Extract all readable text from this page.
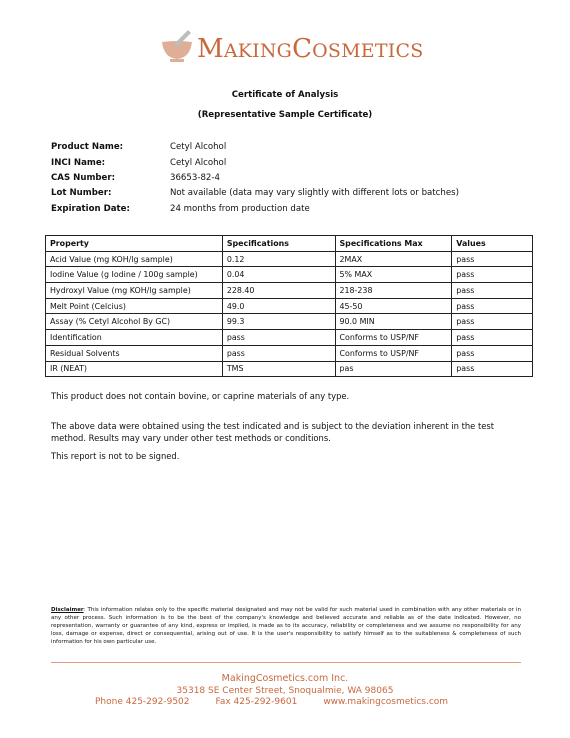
MAKINGCOSMETICS
Certificate of Analysis
(Representative Sample Certificate)
Product Name:	Cetyl Alcohol
INCI Name:	Cetyl Alcohol
CAS Number:	36653-82-4
Lot Number:	Not available (data may vary slightly with different lots or batches)
Expiration Date:	24 months from production date
Property	Specifications	Specifications Max	Values
Acid Value (mg KOH/lg sample)	0.12	2MAX	pass
Iodine Value (g Iodine / 100g sample)	0.04	5% MAX	pass
Hydroxyl Value (mg KOH/lg sample)	228.40	218-238	pass
Melt Point (Celcius)	49.0	45-50	pass
Assay (% Cetyl Alcohol By GC)	99.3	90.0 MIN	pass
Identification	pass	Conforms to USP/NF	pass
Residual Solvents	pass	Conforms to USP/NF	pass
IR (NEAT)	TMS	pas	pass
This product does not contain bovine, or caprine materials of any type.
The above data were obtained using the test indicated and is subject to the deviation inherent in the test method. Results may vary under other test methods or conditions.
This report is not to be signed.
Disclaimer: This information relates only to the specific material designated and may not be valid for such material used in combination with any other materials or in any other process. Such information is to be the best of the company's knowledge and believed accurate and reliable as of the date indicated. However, no representation, warranty or guarantee of any kind, express or implied, is made as to its accuracy, reliability or completeness and we assume no responsibility for any loss, damage or expense, direct or consequential, arising out of use. It is the user's responsibility to satisfy himself as to the suitableness & completeness of such information for his own particular use.
MakingCosmetics.com Inc.
35318 SE Center Street, Snoqualmie, WA 98065
Phone 425-292-9502	Fax 425-292-9601	www.makingcosmetics.com
